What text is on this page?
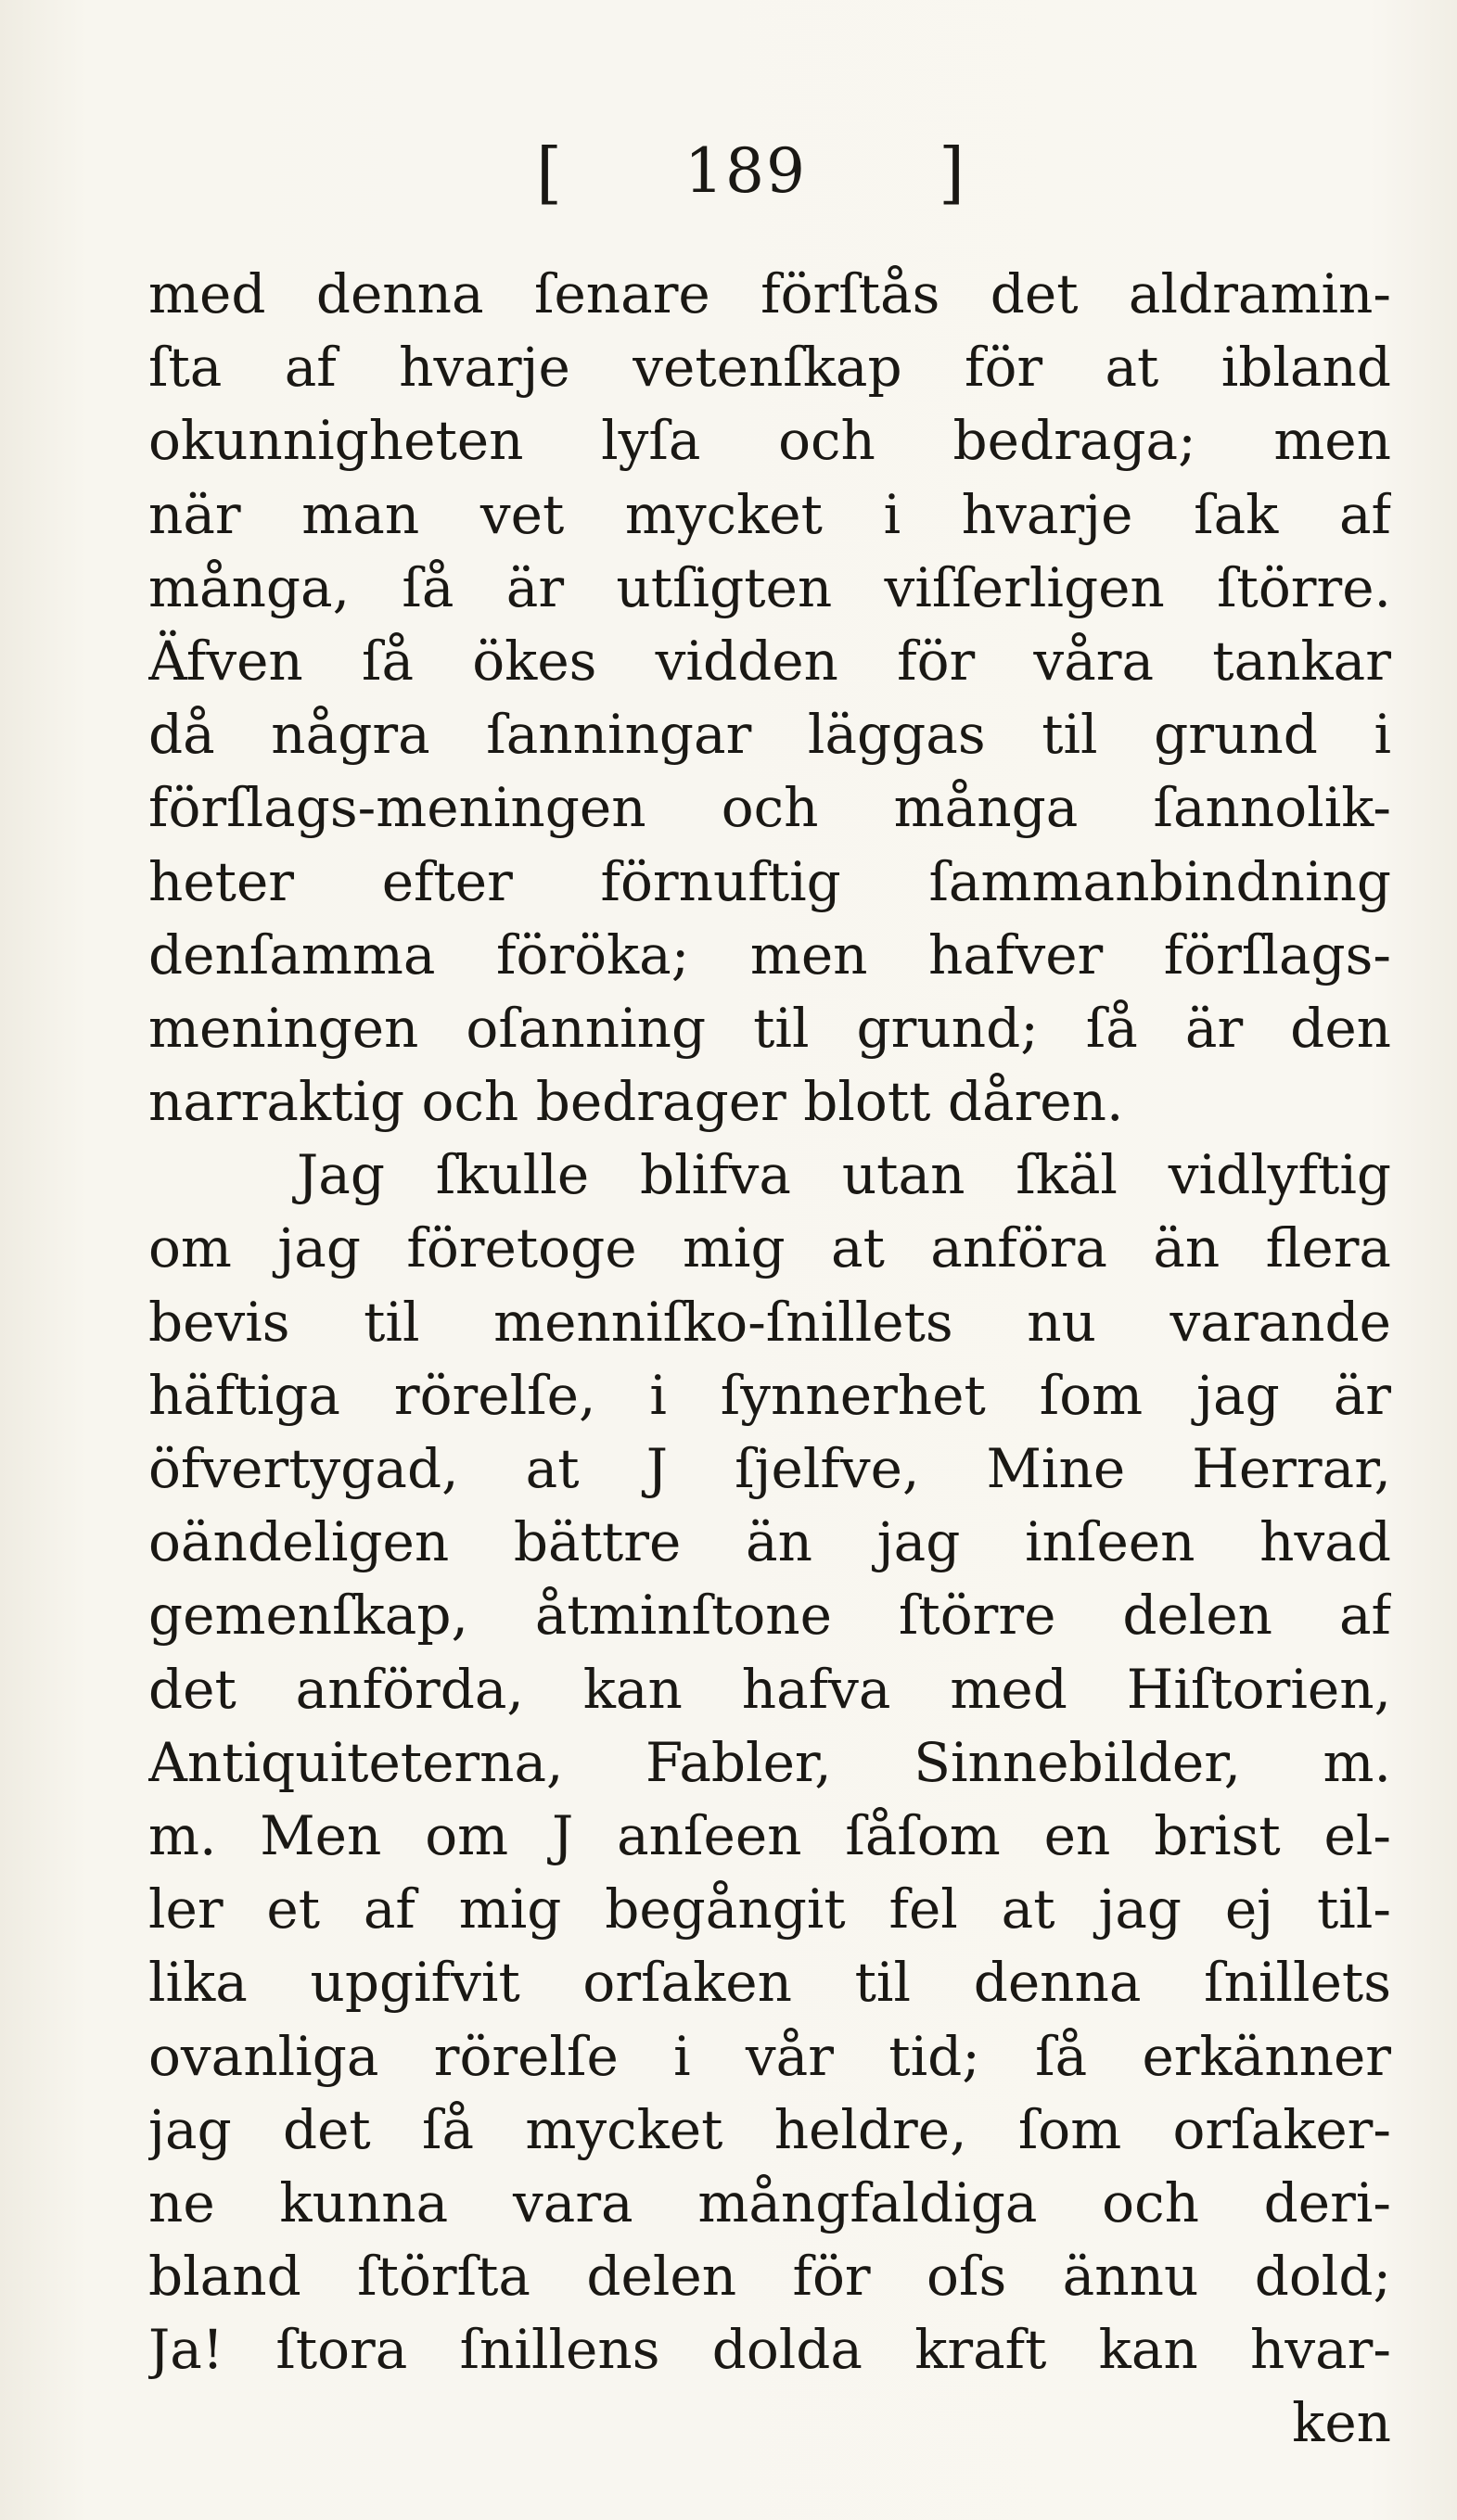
[ 189 ]
med denna ſenare förſtås det aldramin-
ſta af hvarje vetenſkap för at ibland
okunnigheten lyſa och bedraga; men
när man vet mycket i hvarje ſak af
många, ſå är utſigten viſſerligen ſtörre.
Äfven ſå ökes vidden för våra tankar
då några ſanningar läggas til grund i
förſlags-meningen och många ſannolik-
heter efter förnuftig ſammanbindning
denſamma föröka; men hafver förſlags-
meningen oſanning til grund; ſå är den
narraktig och bedrager blott dåren.
Jag ſkulle blifva utan ſkäl vidlyftig
om jag företoge mig at anföra än flera
bevis til menniſko-ſnillets nu varande
häftiga rörelſe, i ſynnerhet ſom jag är
öfvertygad, at J ſjelfve, Mine Herrar,
oändeligen bättre än jag inſeen hvad
gemenſkap, åtminſtone ſtörre delen af
det anförda, kan hafva med Hiſtorien,
Antiquiteterna, Fabler, Sinnebilder, m.
m. Men om J anſeen ſåſom en brist el-
ler et af mig begångit fel at jag ej til-
lika upgifvit orſaken til denna ſnillets
ovanliga rörelſe i vår tid; ſå erkänner
jag det ſå mycket heldre, ſom orſaker-
ne kunna vara mångfaldiga och deri-
bland ſtörſta delen för oſs ännu dold;
Ja! ſtora ſnillens dolda kraft kan hvar-
ken
